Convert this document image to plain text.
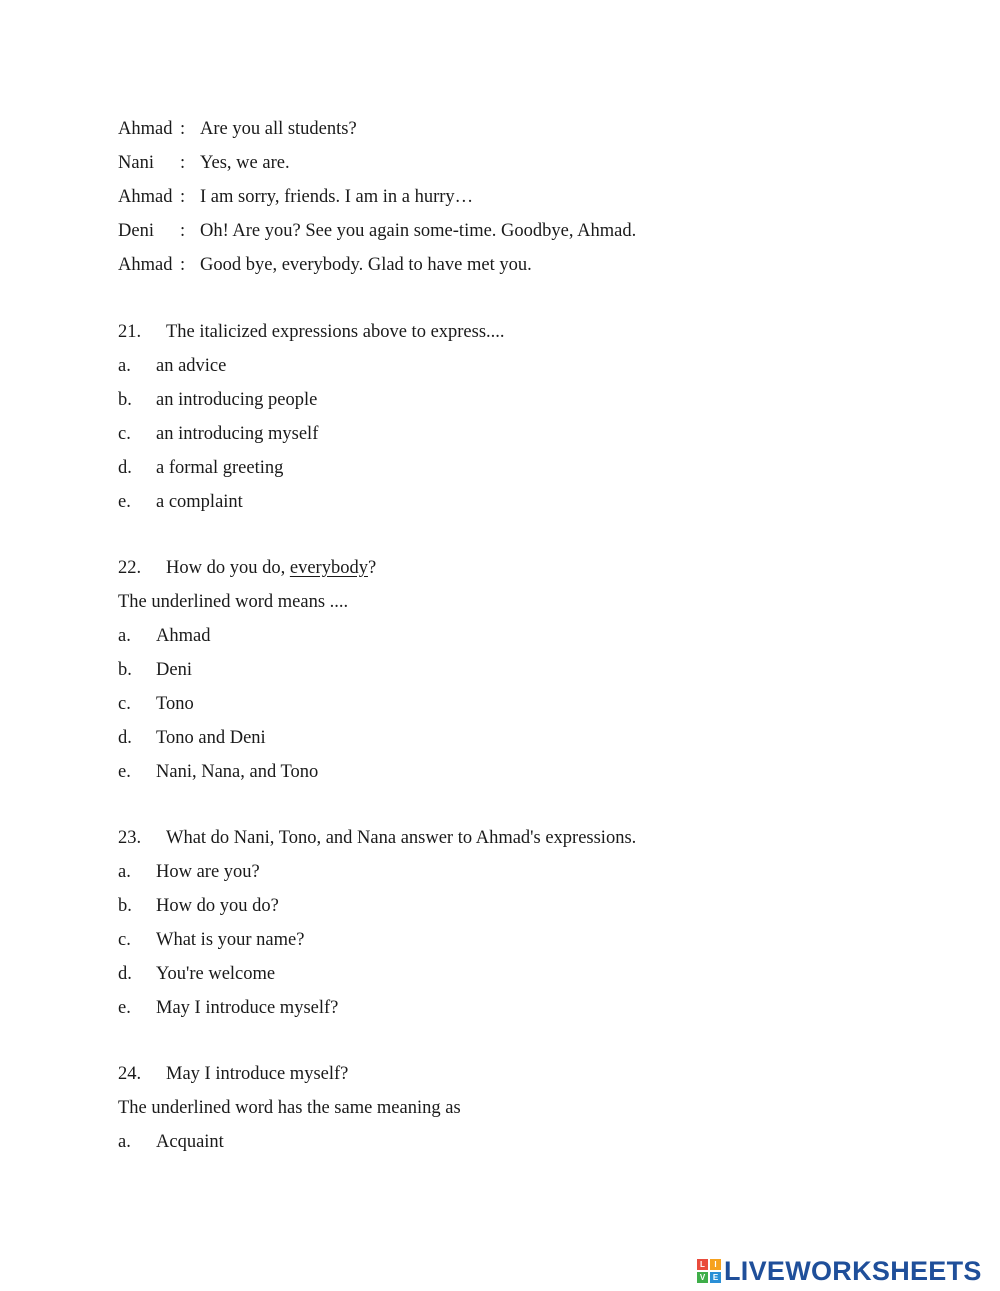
Ahmad : Are you all students?
Nani	: Yes, we are.
Ahmad : I am sorry, friends. I am in a hurry…
Deni	: Oh! Are you? See you again some-time. Goodbye, Ahmad.
Ahmad : Good bye, everybody. Glad to have met you.
21.	The italicized expressions above to express....
a.	an advice
b.	an introducing people
c.	an introducing myself
d.	a formal greeting
e.	a complaint
22.	How do you do, everybody?
The underlined word means ....
a.	Ahmad
b.	Deni
c.	Tono
d.	Tono and Deni
e.	Nani, Nana, and Tono
23.	What do Nani, Tono, and Nana answer to Ahmad's expressions.
a.	How are you?
b.	How do you do?
c.	What is your name?
d.	You're welcome
e.	May I introduce myself?
24.	May I introduce myself?
The underlined word has the same meaning as
a.	Acquaint
L	I
V E LIVEWORKSHEETS
